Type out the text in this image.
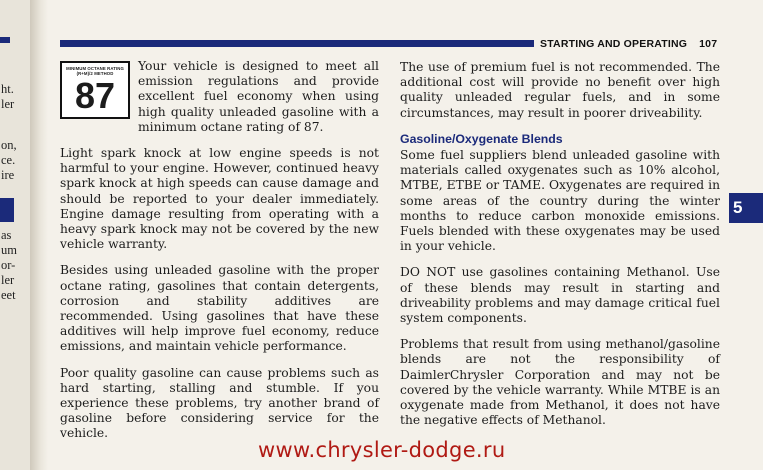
ht.
ler
on,
ce.
ire
as
um
or-
ler
eet
STARTING AND OPERATING 107
5
MINIMUM OCTANE RATING (R+M)/2 METHOD
87

Your vehicle is designed to meet all emission regulations and provide excellent fuel economy when using high quality unleaded gasoline with a minimum octane rating of 87.

Light spark knock at low engine speeds is not harmful to your engine. However, continued heavy spark knock at high speeds can cause damage and should be reported to your dealer immediately. Engine damage resulting from operating with a heavy spark knock may not be covered by the new vehicle warranty.

Besides using unleaded gasoline with the proper octane rating, gasolines that contain detergents, corrosion and stability additives are recommended. Using gasolines that have these additives will help improve fuel economy, reduce emissions, and maintain vehicle performance.

Poor quality gasoline can cause problems such as hard starting, stalling and stumble. If you experience these problems, try another brand of gasoline before considering service for the vehicle.

The use of premium fuel is not recommended. The additional cost will provide no benefit over high quality unleaded regular fuels, and in some circumstances, may result in poorer driveability.

Gasoline/Oxygenate Blends

Some fuel suppliers blend unleaded gasoline with materials called oxygenates such as 10% alcohol, MTBE, ETBE or TAME. Oxygenates are required in some areas of the country during the winter months to reduce carbon monoxide emissions. Fuels blended with these oxygenates may be used in your vehicle.

DO NOT use gasolines containing Methanol. Use of these blends may result in starting and driveability problems and may damage critical fuel system components.

Problems that result from using methanol/gasoline blends are not the responsibility of DaimlerChrysler Corporation and may not be covered by the vehicle warranty. While MTBE is an oxygenate made from Methanol, it does not have the negative effects of Methanol.

www.chrysler-dodge.ru
